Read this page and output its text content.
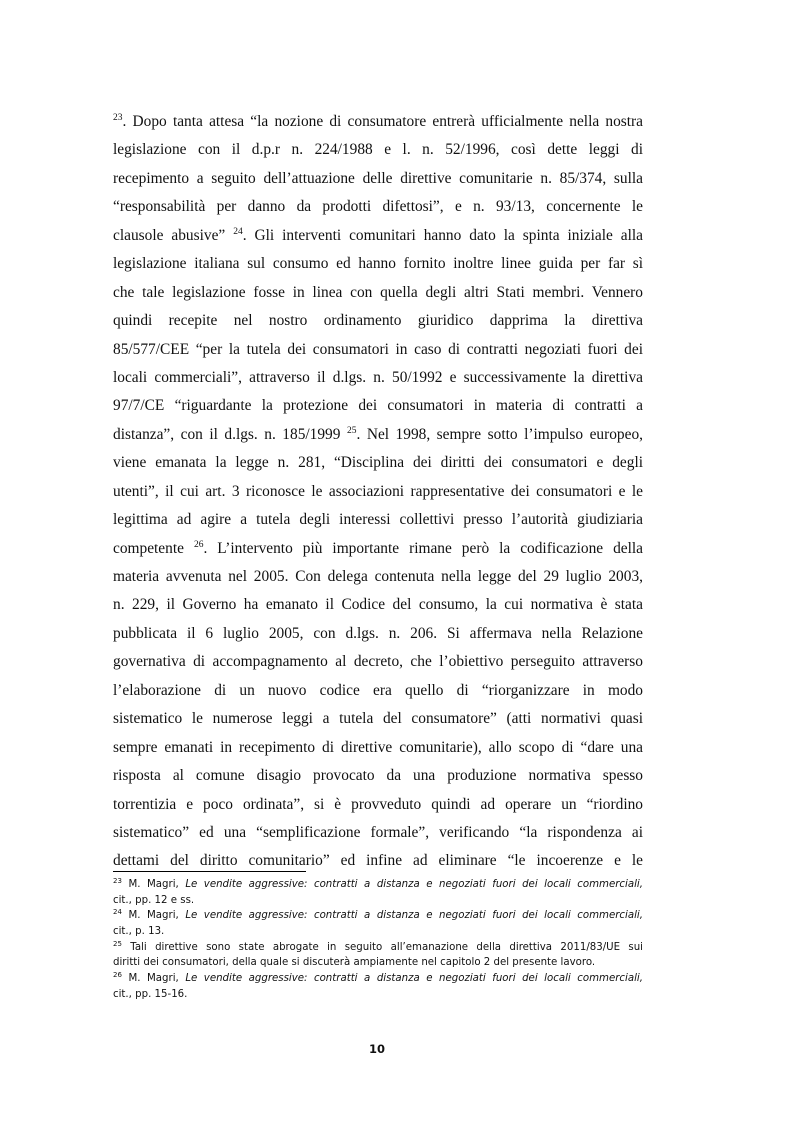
$^{23}$. Dopo tanta attesa “la nozione di consumatore entrerà ufficialmente nella nostra
legislazione con il d.p.r n. 224/1988 e l. n. 52/1996, così dette leggi di
recepimento a seguito dell’attuazione delle direttive comunitarie n. 85/374, sulla
“responsabilità per danno da prodotti difettosi”, e n. 93/13, concernente le
clausole abusive” $^{24}$. Gli interventi comunitari hanno dato la spinta iniziale alla
legislazione italiana sul consumo ed hanno fornito inoltre linee guida per far sì
che tale legislazione fosse in linea con quella degli altri Stati membri. Vennero
quindi recepite nel nostro ordinamento giuridico dapprima la direttiva
85/577/CEE “per la tutela dei consumatori in caso di contratti negoziati fuori dei
locali commerciali”, attraverso il d.lgs. n. 50/1992 e successivamente la direttiva
97/7/CE “riguardante la protezione dei consumatori in materia di contratti a
distanza”, con il d.lgs. n. 185/1999 $^{25}$. Nel 1998, sempre sotto l’impulso europeo,
viene emanata la legge n. 281, “Disciplina dei diritti dei consumatori e degli
utenti”, il cui art. 3 riconosce le associazioni rappresentative dei consumatori e le
legittima ad agire a tutela degli interessi collettivi presso l’autorità giudiziaria
competente $^{26}$. L’intervento più importante rimane però la codificazione della
materia avvenuta nel 2005. Con delega contenuta nella legge del 29 luglio 2003,
n. 229, il Governo ha emanato il Codice del consumo, la cui normativa è stata
pubblicata il 6 luglio 2005, con d.lgs. n. 206. Si affermava nella Relazione
governativa di accompagnamento al decreto, che l’obiettivo perseguito attraverso
l’elaborazione di un nuovo codice era quello di “riorganizzare in modo
sistematico le numerose leggi a tutela del consumatore” (atti normativi quasi
sempre emanati in recepimento di direttive comunitarie), allo scopo di “dare una
risposta al comune disagio provocato da una produzione normativa spesso
torrentizia e poco ordinata”, si è provveduto quindi ad operare un “riordino
sistematico” ed una “semplificazione formale”, verificando “la rispondenza ai
dettami del diritto comunitario” ed infine ad eliminare “le incoerenze e le
$^{23}$ M. Magri, Le vendite aggressive: contratti a distanza e negoziati fuori dei locali commerciali,
cit., pp. 12 e ss.
$^{24}$ M. Magri, Le vendite aggressive: contratti a distanza e negoziati fuori dei locali commerciali,
cit., p. 13.
$^{25}$ Tali direttive sono state abrogate in seguito all’emanazione della direttiva 2011/83/UE sui
diritti dei consumatori, della quale si discuterà ampiamente nel capitolo 2 del presente lavoro.
$^{26}$ M. Magri, Le vendite aggressive: contratti a distanza e negoziati fuori dei locali commerciali,
cit., pp. 15-16.
10
